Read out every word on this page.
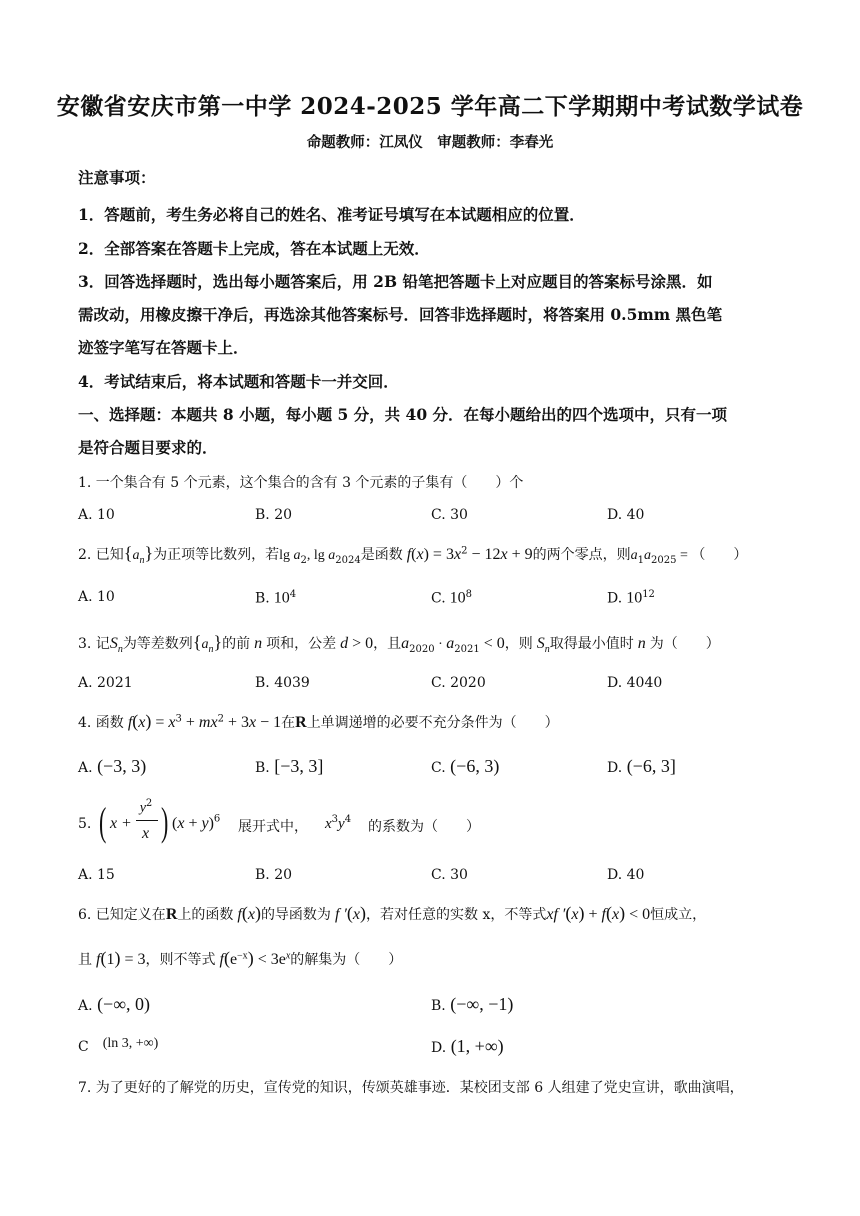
安徽省安庆市第一中学 2024-2025 学年高二下学期期中考试数学试卷
命题教师：江凤仪　审题教师：李春光
注意事项：
1．答题前，考生务必将自己的姓名、准考证号填写在本试题相应的位置．
2．全部答案在答题卡上完成，答在本试题上无效．
3．回答选择题时，选出每小题答案后，用 2B 铅笔把答题卡上对应题目的答案标号涂黑．如
需改动，用橡皮擦干净后，再选涂其他答案标号．回答非选择题时，将答案用 0.5mm 黑色笔
迹签字笔写在答题卡上．
4．考试结束后，将本试题和答题卡一并交回．
一、选择题：本题共 8 小题，每小题 5 分，共 40 分．在每小题给出的四个选项中，只有一项
是符合题目要求的．
1. 一个集合有 5 个元素，这个集合的含有 3 个元素的子集有（　　）个
A. 10	B. 20	C. 30	D. 40
2. 已知$\{a_n\}$为正项等比数列，若$\lg a_2$, $\lg a_{2024}$是函数 $f(x) = 3x^2 - 12x + 9$的两个零点，则$a_1a_{2025}$ = （　　）
A. 10	B. $10^4$	C. $10^8$	D. $10^{12}$
3. 记$S_n$为等差数列$\{a_n\}$的前 n 项和，公差 d > 0，且$a_{2020} \cdot a_{2021} < 0$，则 $S_n$取得最小值时 n 为（　　）
A. 2021	B. 4039	C. 2020	D. 4040
4. 函数 $f(x) = x^3 + mx^2 + 3x - 1$在R上单调递增的必要不充分条件为（　　）
A. (−3, 3)	B. [−3, 3]	C. (−6, 3)	D. (−6, 3]
5. ( x +
$y^2$
x ) $(x + y)^6$ 展开式中， $x^3y^4$ 的系数为（　　）
A. 15	B. 20	C. 30	D. 40
6. 已知定义在R上的函数 f(x)的导函数为 f ′(x)，若对任意的实数 x，不等式xf ′(x) + f(x) < 0恒成立，
且 f(1) = 3，则不等式 $f(e^{-x}) < 3e^x$的解集为（　　）
A. (−∞, 0)	B. (−∞, −1)
C　(ln 3, +∞)	D. (1, +∞)
7. 为了更好的了解党的历史，宣传党的知识，传颂英雄事迹．某校团支部 6 人组建了党史宣讲，歌曲演唱，
